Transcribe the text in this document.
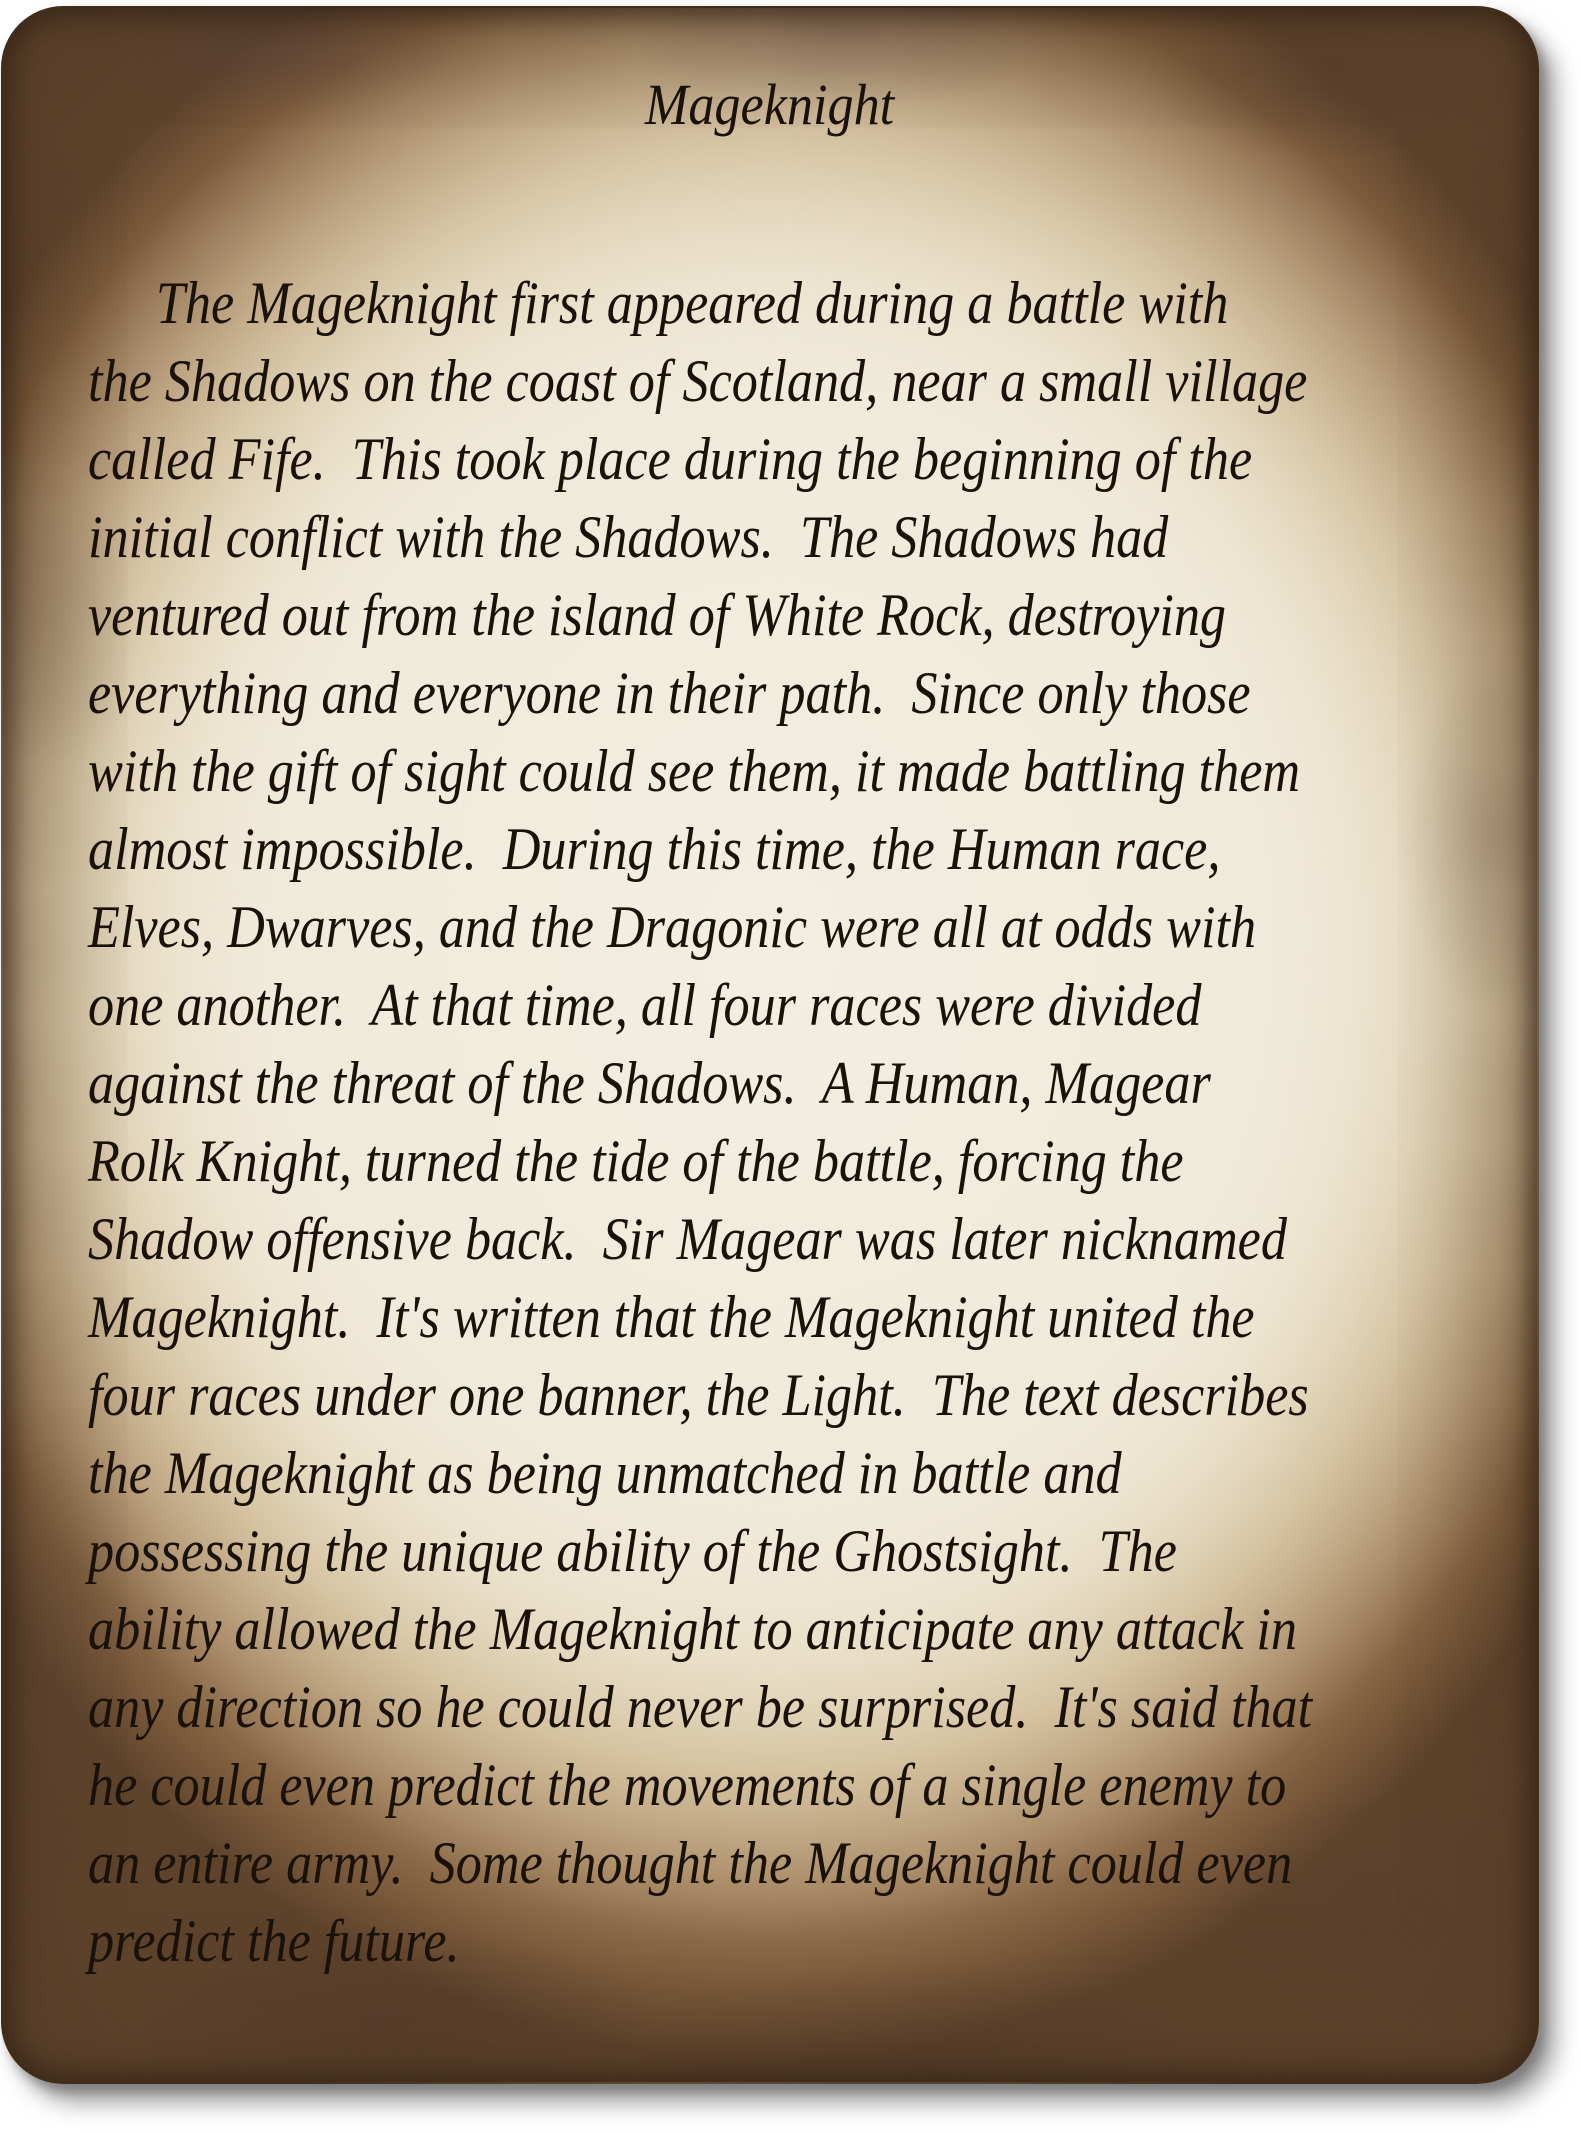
Mageknight
The Mageknight first appeared during a battle with
the Shadows on the coast of Scotland, near a small village
called Fife.  This took place during the beginning of the
initial conflict with the Shadows.  The Shadows had
ventured out from the island of White Rock, destroying
everything and everyone in their path.  Since only those
with the gift of sight could see them, it made battling them
almost impossible.  During this time, the Human race,
Elves, Dwarves, and the Dragonic were all at odds with
one another.  At that time, all four races were divided
against the threat of the Shadows.  A Human, Magear
Rolk Knight, turned the tide of the battle, forcing the
Shadow offensive back.  Sir Magear was later nicknamed
Mageknight.  It's written that the Mageknight united the
four races under one banner, the Light.  The text describes
the Mageknight as being unmatched in battle and
possessing the unique ability of the Ghostsight.  The
ability allowed the Mageknight to anticipate any attack in
any direction so he could never be surprised.  It's said that
he could even predict the movements of a single enemy to
an entire army.  Some thought the Mageknight could even
predict the future.
